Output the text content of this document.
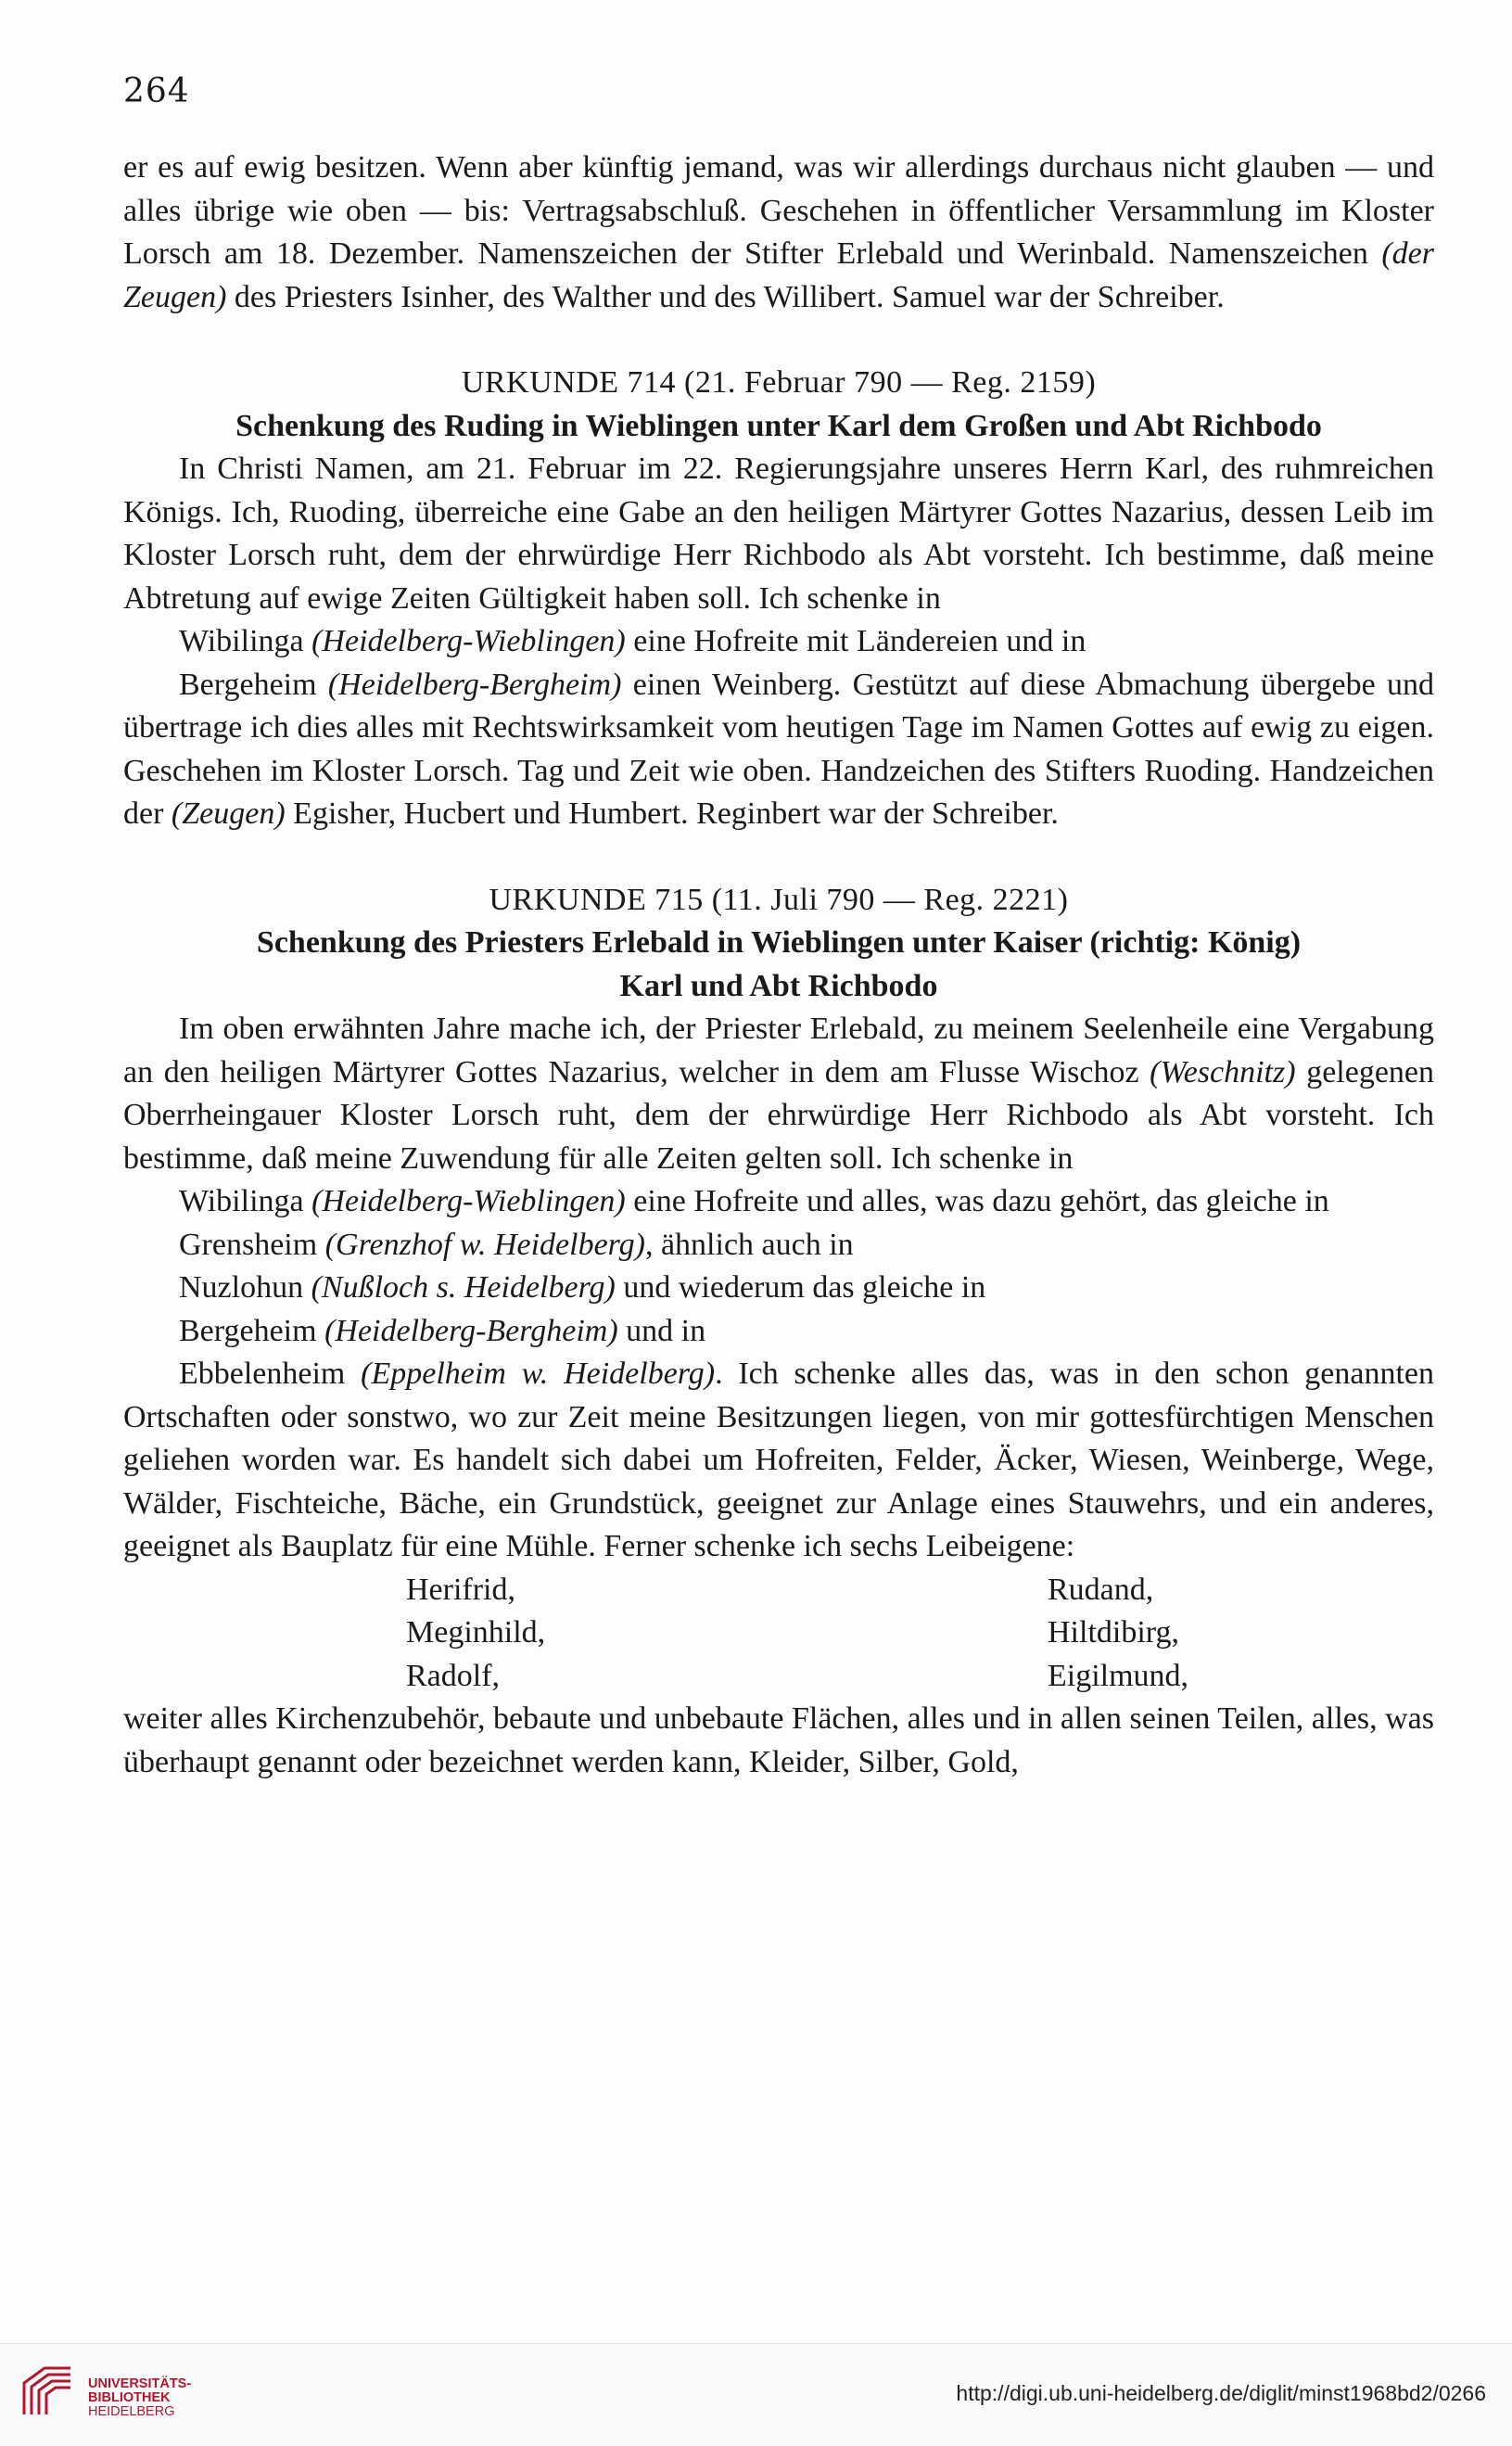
264

er es auf ewig besitzen. Wenn aber künftig jemand, was wir allerdings durchaus nicht glauben — und alles übrige wie oben — bis: Vertragsabschluß. Geschehen in öffentlicher Versammlung im Kloster Lorsch am 18. Dezember. Namenszeichen der Stifter Erlebald und Werinbald. Namenszeichen (der Zeugen) des Priesters Isinher, des Walther und des Willibert. Samuel war der Schreiber.

URKUNDE 714 (21. Februar 790 — Reg. 2159)

Schenkung des Ruding in Wieblingen unter Karl dem Großen und Abt Richbodo

In Christi Namen, am 21. Februar im 22. Regierungsjahre unseres Herrn Karl, des ruhmreichen Königs. Ich, Ruoding, überreiche eine Gabe an den heiligen Märtyrer Gottes Nazarius, dessen Leib im Kloster Lorsch ruht, dem der ehrwürdige Herr Richbodo als Abt vorsteht. Ich bestimme, daß meine Abtretung auf ewige Zeiten Gültigkeit haben soll. Ich schenke in

Wibilinga (Heidelberg-Wieblingen) eine Hofreite mit Ländereien und in

Bergeheim (Heidelberg-Bergheim) einen Weinberg. Gestützt auf diese Abmachung übergebe und übertrage ich dies alles mit Rechtswirksamkeit vom heutigen Tage im Namen Gottes auf ewig zu eigen. Geschehen im Kloster Lorsch. Tag und Zeit wie oben. Handzeichen des Stifters Ruoding. Handzeichen der (Zeugen) Egisher, Hucbert und Humbert. Reginbert war der Schreiber.

URKUNDE 715 (11. Juli 790 — Reg. 2221)

Schenkung des Priesters Erlebald in Wieblingen unter Kaiser (richtig: König) Karl und Abt Richbodo

Im oben erwähnten Jahre mache ich, der Priester Erlebald, zu meinem Seelenheile eine Vergabung an den heiligen Märtyrer Gottes Nazarius, welcher in dem am Flusse Wischoz (Weschnitz) gelegenen Oberrheingauer Kloster Lorsch ruht, dem der ehrwürdige Herr Richbodo als Abt vorsteht. Ich bestimme, daß meine Zuwendung für alle Zeiten gelten soll. Ich schenke in

Wibilinga (Heidelberg-Wieblingen) eine Hofreite und alles, was dazu gehört, das gleiche in

Grensheim (Grenzhof w. Heidelberg), ähnlich auch in

Nuzlohun (Nußloch s. Heidelberg) und wiederum das gleiche in

Bergeheim (Heidelberg-Bergheim) und in

Ebbelenheim (Eppelheim w. Heidelberg). Ich schenke alles das, was in den schon genannten Ortschaften oder sonstwo, wo zur Zeit meine Besitzungen liegen, von mir gottesfürchtigen Menschen geliehen worden war. Es handelt sich dabei um Hofreiten, Felder, Äcker, Wiesen, Weinberge, Wege, Wälder, Fischteiche, Bäche, ein Grundstück, geeignet zur Anlage eines Stauwehrs, und ein anderes, geeignet als Bauplatz für eine Mühle. Ferner schenke ich sechs Leibeigene:

Herifrid,
Meginhild,
Radolf,
Rudand,
Hiltdibirg,
Eigilmund,

weiter alles Kirchenzubehör, bebaute und unbebaute Flächen, alles und in allen seinen Teilen, alles, was überhaupt genannt oder bezeichnet werden kann, Kleider, Silber, Gold,

UNIVERSITÄTS-
BIBLIOTHEK
HEIDELBERG
http://digi.ub.uni-heidelberg.de/diglit/minst1968bd2/0266
